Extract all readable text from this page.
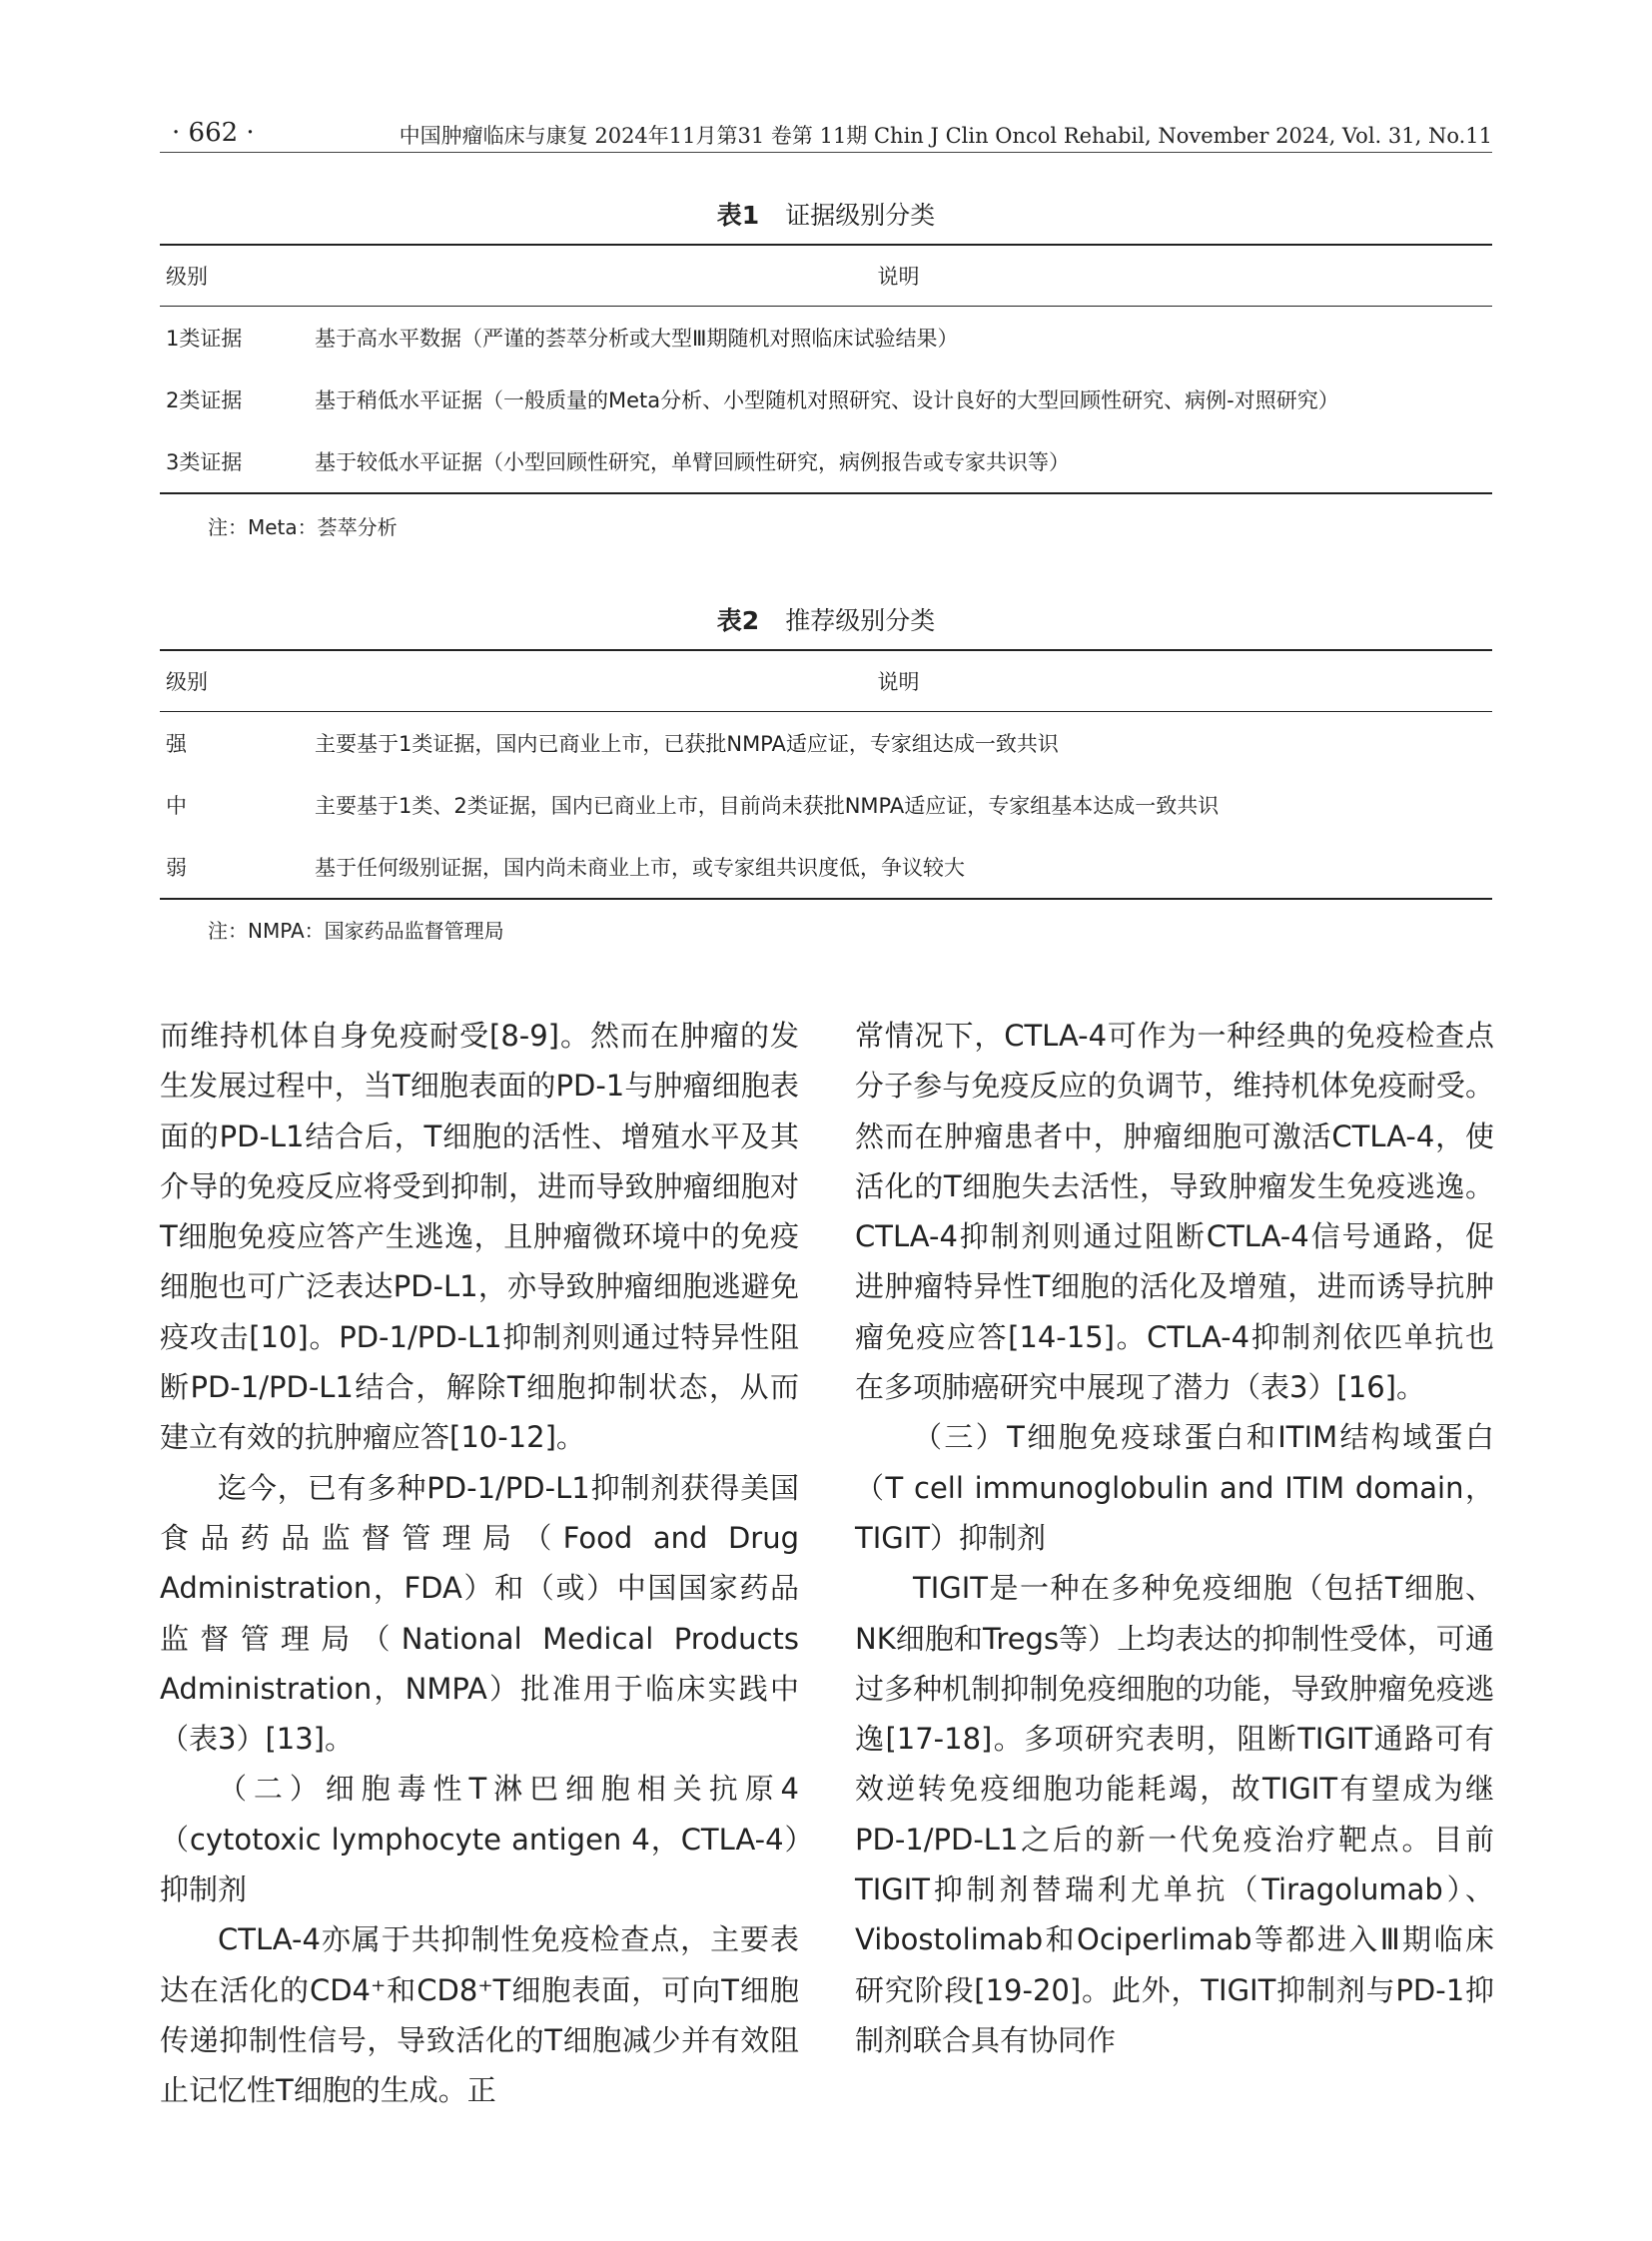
· 662 ·	中国肿瘤临床与康复 2024年11月第31 卷第 11期 Chin J Clin Oncol Rehabil, November 2024, Vol. 31, No.11
表1 证据级别分类
级别	说明
1类证据	基于高水平数据（严谨的荟萃分析或大型Ⅲ期随机对照临床试验结果）
2类证据	基于稍低水平证据（一般质量的Meta分析、小型随机对照研究、设计良好的大型回顾性研究、病例-对照研究）
3类证据	基于较低水平证据（小型回顾性研究，单臂回顾性研究，病例报告或专家共识等）
注：Meta：荟萃分析
表2 推荐级别分类
级别	说明
强	主要基于1类证据，国内已商业上市，已获批NMPA适应证，专家组达成一致共识
中	主要基于1类、2类证据，国内已商业上市，目前尚未获批NMPA适应证，专家组基本达成一致共识
弱	基于任何级别证据，国内尚未商业上市，或专家组共识度低，争议较大
注：NMPA：国家药品监督管理局

而维持机体自身免疫耐受[8-9]。然而在肿瘤的发生发展过程中，当T细胞表面的PD-1与肿瘤细胞表面的PD-L1结合后，T细胞的活性、增殖水平及其介导的免疫反应将受到抑制，进而导致肿瘤细胞对T细胞免疫应答产生逃逸，且肿瘤微环境中的免疫细胞也可广泛表达PD-L1，亦导致肿瘤细胞逃避免疫攻击[10]。PD-1/PD-L1抑制剂则通过特异性阻断PD-1/PD-L1结合，解除T细胞抑制状态，从而建立有效的抗肿瘤应答[10-12]。

迄今，已有多种PD-1/PD-L1抑制剂获得美国食品药品监督管理局（Food and Drug Administration，FDA）和（或）中国国家药品监督管理局（National Medical Products Administration，NMPA）批准用于临床实践中（表3）[13]。

（二）细胞毒性T淋巴细胞相关抗原4（cytotoxic lymphocyte antigen 4，CTLA-4）抑制剂

CTLA-4亦属于共抑制性免疫检查点，主要表达在活化的CD4⁺和CD8⁺T细胞表面，可向T细胞传递抑制性信号，导致活化的T细胞减少并有效阻止记忆性T细胞的生成。正

常情况下，CTLA-4可作为一种经典的免疫检查点分子参与免疫反应的负调节，维持机体免疫耐受。然而在肿瘤患者中，肿瘤细胞可激活CTLA-4，使活化的T细胞失去活性，导致肿瘤发生免疫逃逸。CTLA-4抑制剂则通过阻断CTLA-4信号通路，促进肿瘤特异性T细胞的活化及增殖，进而诱导抗肿瘤免疫应答[14-15]。CTLA-4抑制剂依匹单抗也在多项肺癌研究中展现了潜力（表3）[16]。

（三）T细胞免疫球蛋白和ITIM结构域蛋白（T cell immunoglobulin and ITIM domain，TIGIT）抑制剂

TIGIT是一种在多种免疫细胞（包括T细胞、NK细胞和Tregs等）上均表达的抑制性受体，可通过多种机制抑制免疫细胞的功能，导致肿瘤免疫逃逸[17-18]。多项研究表明，阻断TIGIT通路可有效逆转免疫细胞功能耗竭，故TIGIT有望成为继PD-1/PD-L1之后的新一代免疫治疗靶点。目前TIGIT抑制剂替瑞利尤单抗（Tiragolumab）、Vibostolimab和Ociperlimab等都进入Ⅲ期临床研究阶段[19-20]。此外，TIGIT抑制剂与PD-1抑制剂联合具有协同作
